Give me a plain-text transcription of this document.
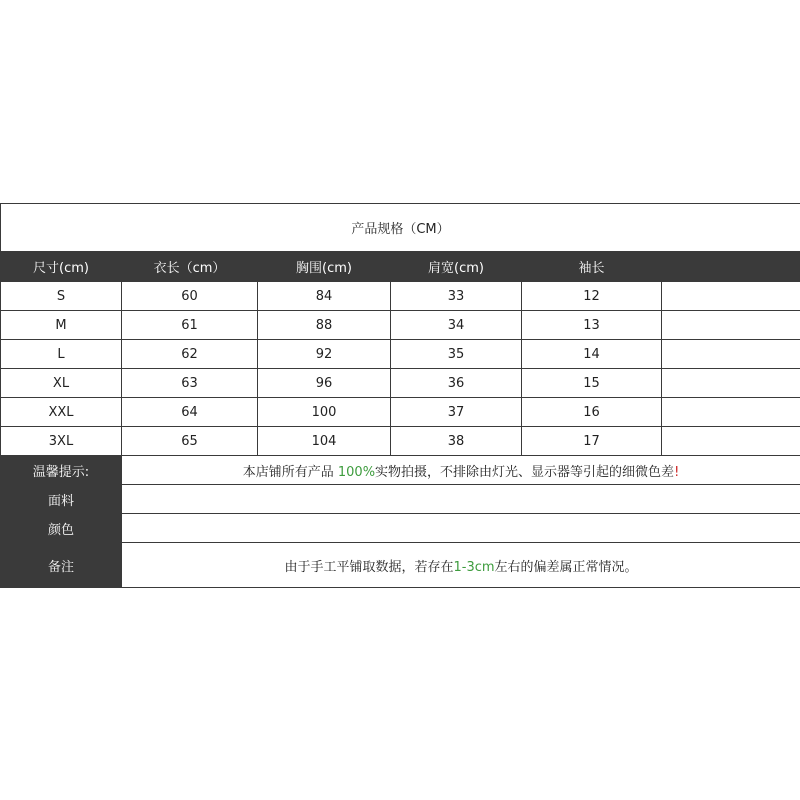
产品规格（CM）					
尺寸(cm)	衣长（cm）	胸围(cm)	肩宽(cm)	袖长	
S	60	84	33	12	
M	61	88	34	13	
L	62	92	35	14	
XL	63	96	36	15	
XXL	64	100	37	16	
3XL	65	104	38	17	
温馨提示:	本店铺所有产品 100%实物拍摄，不排除由灯光、显示器等引起的细微色差!				
面料					
颜色					
备注	由于手工平铺取数据，若存在1-3cm左右的偏差属正常情况。				
